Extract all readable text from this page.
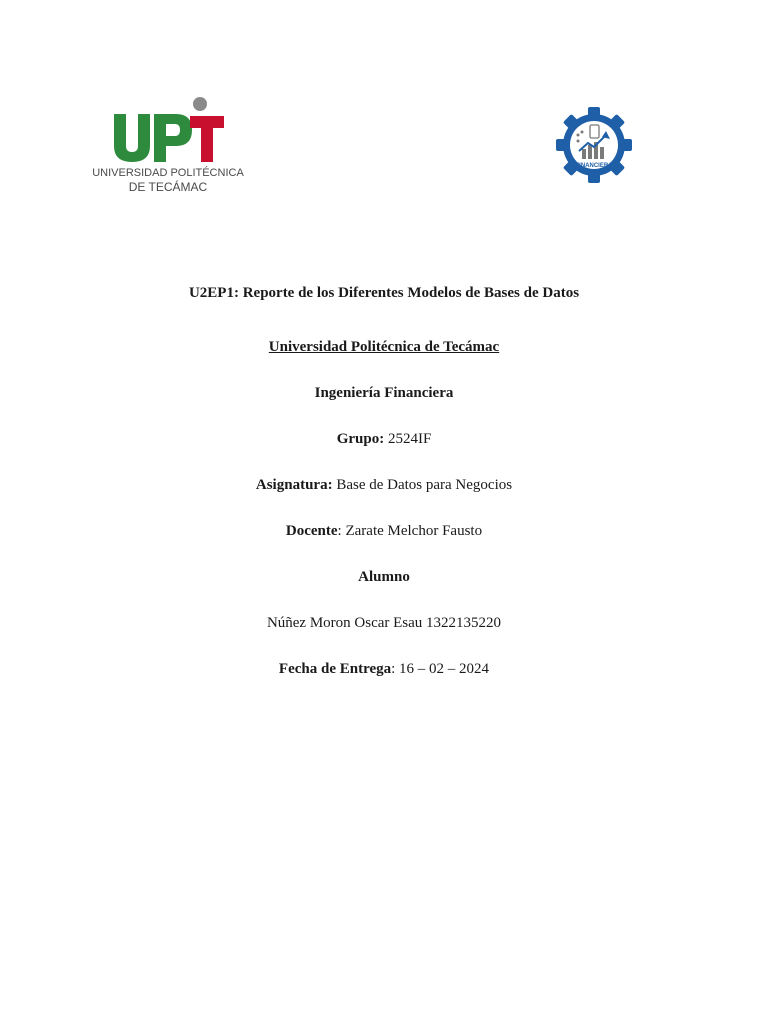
UNIVERSIDAD POLITÉCNICA
DE TECÁMAC
FINANCIERA
U2EP1: Reporte de los Diferentes Modelos de Bases de Datos
Universidad Politécnica de Tecámac
Ingeniería Financiera
Grupo: 2524IF
Asignatura: Base de Datos para Negocios
Docente: Zarate Melchor Fausto
Alumno
Núñez Moron Oscar Esau 1322135220
Fecha de Entrega: 16 – 02 – 2024
